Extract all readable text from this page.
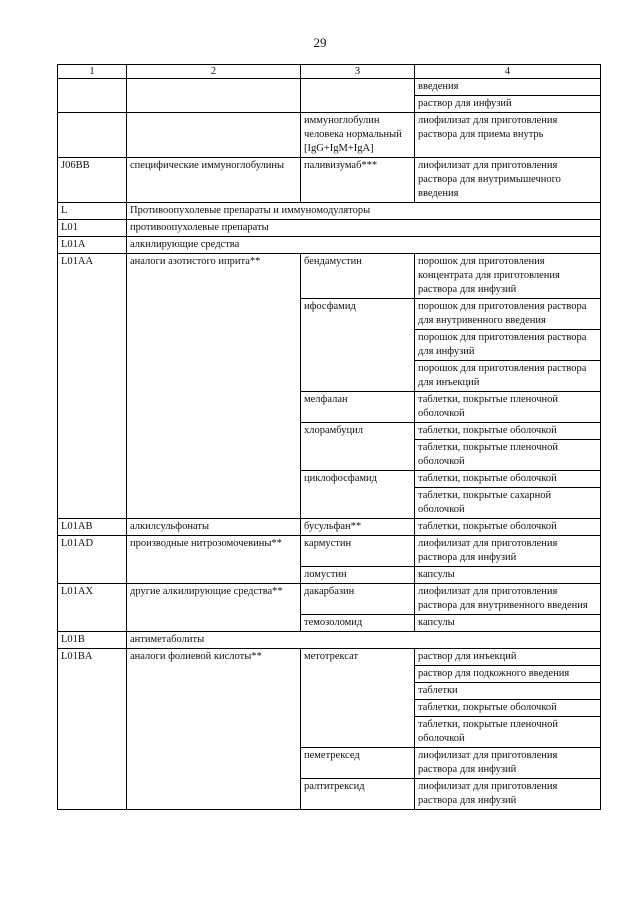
29
1	2	3	4
			введения
			раствор для инфузий
		иммуноглобулин человека нормальный [IgG+IgM+IgA]	лиофилизат для приготовления раствора для приема внутрь
J06BB	специфические иммуноглобулины	паливизумаб***	лиофилизат для приготовления раствора для внутримышечного введения
L	Противоопухолевые препараты и иммуномодуляторы		
L01	противоопухолевые препараты		
L01A	алкилирующие средства		
L01AA	аналоги азотистого иприта**	бендамустин	порошок для приготовления концентрата для приготовления раствора для инфузий
		ифосфамид	порошок для приготовления раствора для внутривенного введения
			порошок для приготовления раствора для инфузий
			порошок для приготовления раствора для инъекций
		мелфалан	таблетки, покрытые пленочной оболочкой
		хлорамбуцил	таблетки, покрытые оболочкой
			таблетки, покрытые пленочной оболочкой
		циклофосфамид	таблетки, покрытые оболочкой
			таблетки, покрытые сахарной оболочкой
L01AB	алкилсульфонаты	бусульфан**	таблетки, покрытые оболочкой
L01AD	производные нитрозомочевины**	кармустин	лиофилизат для приготовления раствора для инфузий
		ломустин	капсулы
L01AX	другие алкилирующие средства**	дакарбазин	лиофилизат для приготовления раствора для внутривенного введения
		темозоломид	капсулы
L01B	антиметаболиты		
L01BA	аналоги фолиевой кислоты**	метотрексат	раствор для инъекций
			раствор для подкожного введения
			таблетки
			таблетки, покрытые оболочкой
			таблетки, покрытые пленочной оболочкой
		пеметрексед	лиофилизат для приготовления раствора для инфузий
		ралтитрексид	лиофилизат для приготовления раствора для инфузий
